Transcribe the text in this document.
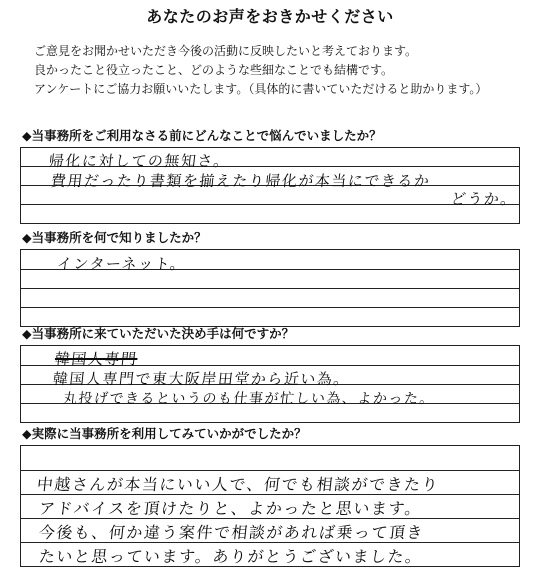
あなたのお声をおきかせください
ご意見をお聞かせいただき今後の活動に反映したいと考えております。
良かったこと役立ったこと、どのような些細なことでも結構です。
アンケートにご協力お願いいたします。（具体的に書いていただけると助かります。）
◆当事務所をご利用なさる前にどんなことで悩んでいましたか？
帰化に対しての無知さ。
費用だったり書類を揃えたり帰化が本当にできるか
どうか。
◆当事務所を何で知りましたか？
インターネット。
◆当事務所に来ていただいた決め手は何ですか？
韓国人専門
韓国人専門で東大阪岸田堂から近い為。
丸投げできるというのも仕事が忙しい為、よかった。
◆実際に当事務所を利用してみていかがでしたか？
中越さんが本当にいい人で、何でも相談ができたり
アドバイスを頂けたりと、よかったと思います。
今後も、何か違う案件で相談があれば乗って頂き
たいと思っています。ありがとうございました。
